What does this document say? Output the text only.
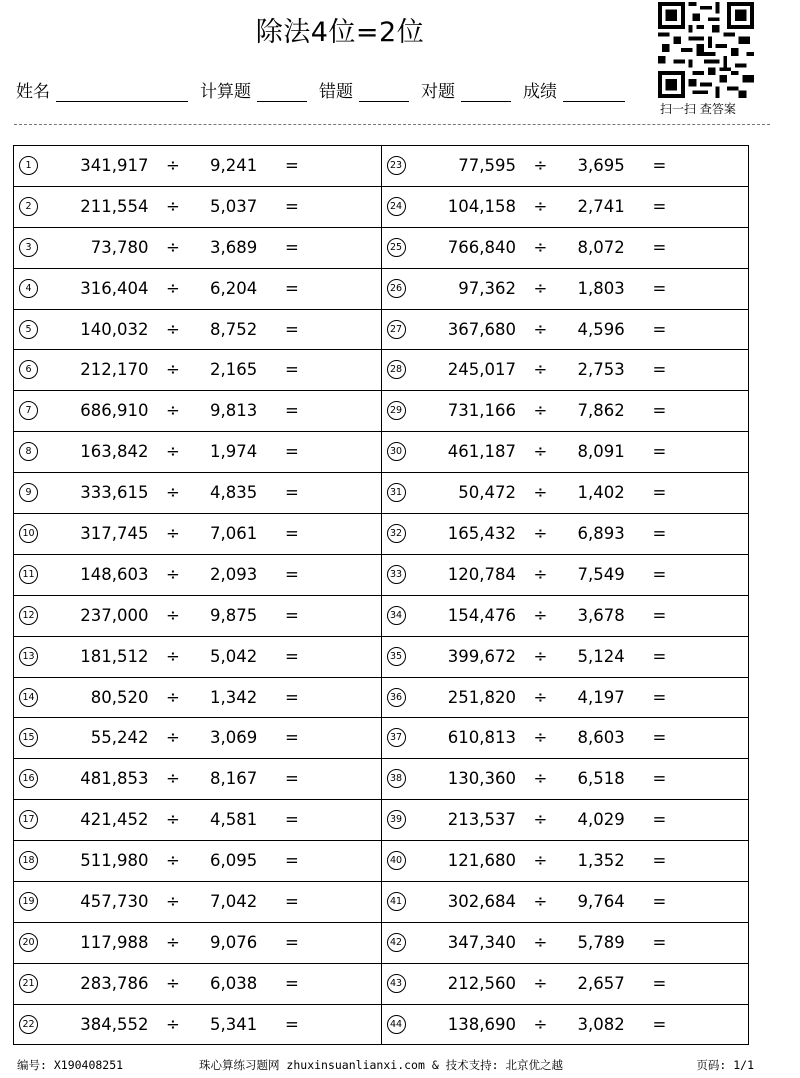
除法4位=2位
扫一扫 查答案
姓名	计算题	错题	对题	成绩
1	341,917 ÷ 9,241 =
2	211,554 ÷ 5,037 =
3	73,780 ÷ 3,689 =
4	316,404 ÷ 6,204 =
5	140,032 ÷ 8,752 =
6	212,170 ÷ 2,165 =
7	686,910 ÷ 9,813 =
8	163,842 ÷ 1,974 =
9	333,615 ÷ 4,835 =
10	317,745 ÷ 7,061 =
11	148,603 ÷ 2,093 =
12	237,000 ÷ 9,875 =
13	181,512 ÷ 5,042 =
14	80,520 ÷ 1,342 =
15	55,242 ÷ 3,069 =
16	481,853 ÷ 8,167 =
17	421,452 ÷ 4,581 =
18	511,980 ÷ 6,095 =
19	457,730 ÷ 7,042 =
20	117,988 ÷ 9,076 =
21	283,786 ÷ 6,038 =
22	384,552 ÷ 5,341 =
23	77,595 ÷ 3,695 =
24	104,158 ÷ 2,741 =
25	766,840 ÷ 8,072 =
26	97,362 ÷ 1,803 =
27	367,680 ÷ 4,596 =
28	245,017 ÷ 2,753 =
29	731,166 ÷ 7,862 =
30	461,187 ÷ 8,091 =
31	50,472 ÷ 1,402 =
32	165,432 ÷ 6,893 =
33	120,784 ÷ 7,549 =
34	154,476 ÷ 3,678 =
35	399,672 ÷ 5,124 =
36	251,820 ÷ 4,197 =
37	610,813 ÷ 8,603 =
38	130,360 ÷ 6,518 =
39	213,537 ÷ 4,029 =
40	121,680 ÷ 1,352 =
41	302,684 ÷ 9,764 =
42	347,340 ÷ 5,789 =
43	212,560 ÷ 2,657 =
44	138,690 ÷ 3,082 =
编号: X190408251	珠心算练习题网 zhuxinsuanlianxi.com & 技术支持: 北京优之越	页码: 1/1
